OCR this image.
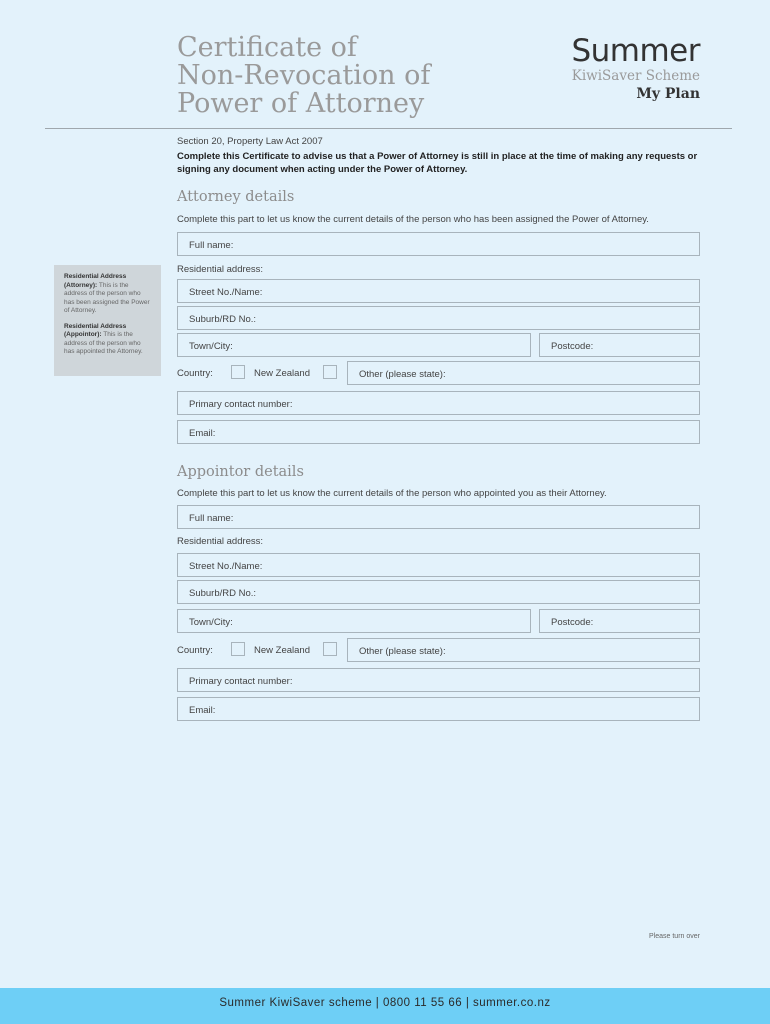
Certificate of
Non-Revocation of
Power of Attorney
Summer
KiwiSaver Scheme
My Plan
Section 20, Property Law Act 2007
Complete this Certificate to advise us that a Power of Attorney is still in place at the time of making any requests or signing any document when acting under the Power of Attorney.

Residential Address (Attorney): This is the address of the person who has been assigned the Power of Attorney.

Residential Address (Appointor): This is the address of the person who has appointed the Attorney.

Attorney details
Complete this part to let us know the current details of the person who has been assigned the Power of Attorney.
Full name:
Residential address:
Street No./Name:
Suburb/RD No.:
Town/City:	Postcode:
Country:	New Zealand	Other (please state):
Primary contact number:
Email:
Appointor details
Complete this part to let us know the current details of the person who appointed you as their Attorney.
Full name:
Residential address:
Street No./Name:
Suburb/RD No.:
Town/City:	Postcode:
Country:	New Zealand	Other (please state):
Primary contact number:
Email:
Please turn over
Summer KiwiSaver scheme | 0800 11 55 66 | summer.co.nz
